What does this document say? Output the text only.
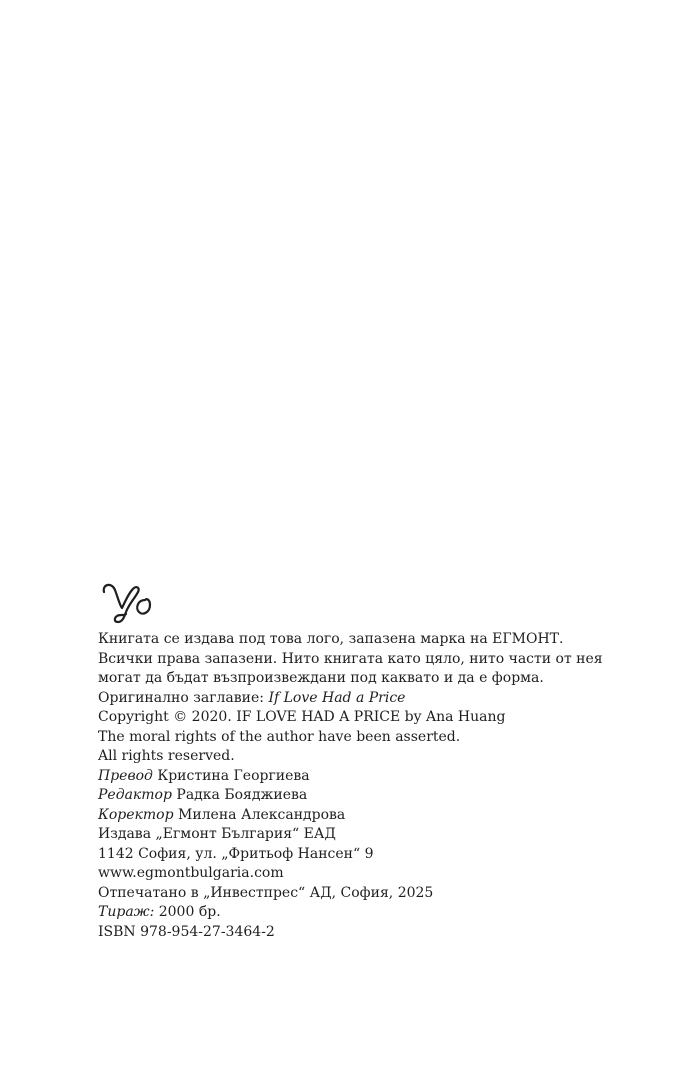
Книгата се издава под това лого, запазена марка на ЕГМОНТ.
Всички права запазени. Нито книгата като цяло, нито части от нея
могат да бъдат възпроизвеждани под каквато и да е форма.
Оригинално заглавие: If Love Had a Price
Copyright © 2020. IF LOVE HAD A PRICE by Ana Huang
The moral rights of the author have been asserted.
All rights reserved.
Превод Кристина Георгиева
Редактор Радка Бояджиева
Коректор Милена Александрова
Издава „Егмонт България“ ЕАД
1142 София, ул. „Фритьоф Нансен“ 9
www.egmontbulgaria.com
Отпечатано в „Инвестпрес“ АД, София, 2025
Тираж: 2000 бр.
ISBN 978-954-27-3464-2
